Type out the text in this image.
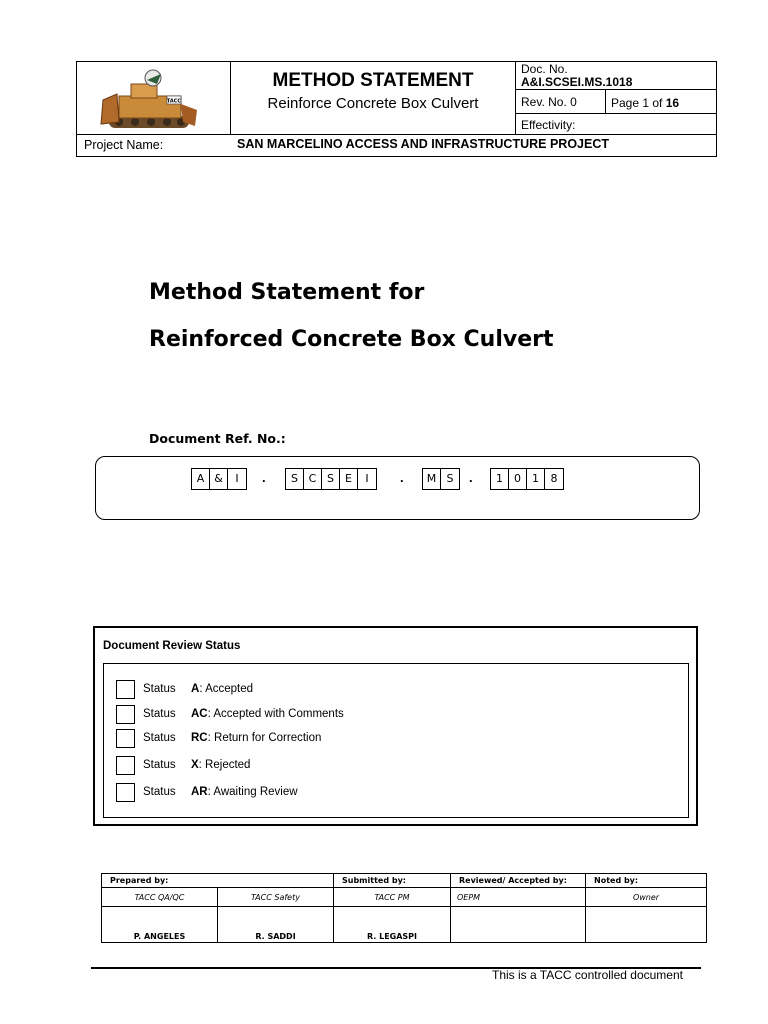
TACC
METHOD STATEMENT
Reinforce Concrete Box Culvert
Doc. No.
A&I.SCSEI.MS.1018
Rev. No. 0	Page 1 of 16
Effectivity:
Project Name:	SAN MARCELINO ACCESS AND INFRASTRUCTURE PROJECT
Method Statement for
Reinforced Concrete Box Culvert
Document Ref. No.:
A &	I	.	S C S	E	I	.	M S	.	1	0	1	8
Document Review Status
Status	A : Accepted
Status	AC : Accepted with Comments
Status	RC : Return for Correction
Status	X : Rejected
Status	AR : Awaiting Review
Prepared by:		Submitted by:	Reviewed/ Accepted by:	Noted by:
TACC QA/QC	TACC Safety	TACC PM	OEPM	Owner
P. ANGELES	R. SADDI	R. LEGASPI		
This is a TACC controlled document
